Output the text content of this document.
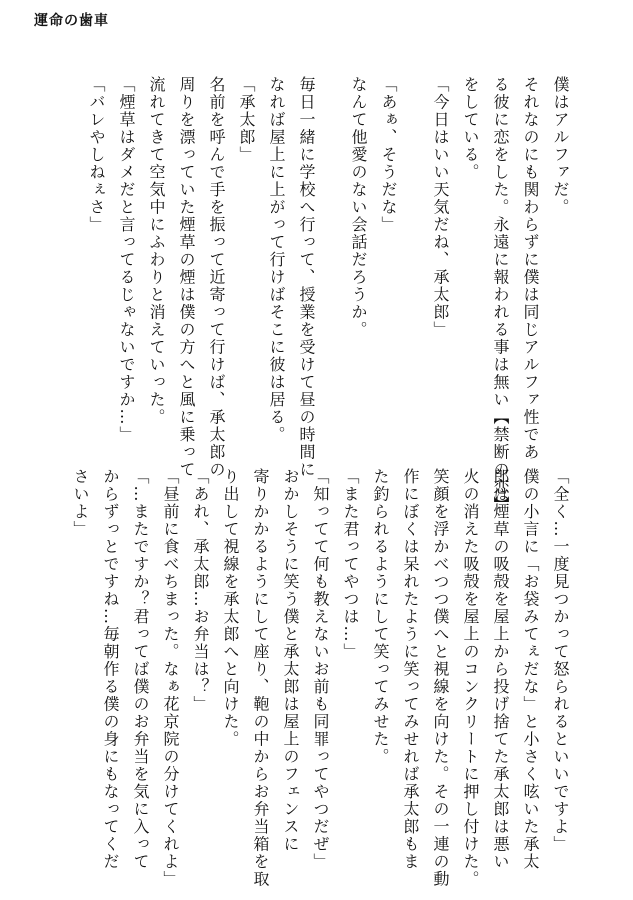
運命の歯車
僕はアルファだ。
それなのにも関わらずに僕は同じアルファ性であ
る彼に恋をした。永遠に報われる事は無い【禁断の恋】
をしている。
「今日はいい天気だね、承太郎」
「あぁ、そうだな」
なんて他愛のない会話だろうか。
毎日一緒に学校へ行って、授業を受けて昼の時間に
なれば屋上に上がって行けばそこに彼は居る。
「承太郎」
名前を呼んで手を振って近寄って行けば、承太郎の
周りを漂っていた煙草の煙は僕の方へと風に乗って
流れてきて空気中にふわりと消えていった。
「煙草はダメだと言ってるじゃないですか…」
「バレやしねぇさ」
「全く…一度見つかって怒られるといいですよ」
僕の小言に「お袋みてぇだな」と小さく呟いた承太
郎は煙草の吸殻を屋上から投げ捨てた承太郎は悪い
火の消えた吸殻を屋上のコンクリートに押し付けた。
笑顔を浮かべつつ僕へと視線を向けた。その一連の動
作にぼくは呆れたように笑ってみせれば承太郎もま
た釣られるようにして笑ってみせた。
「また君ってやつは…」
「知ってて何も教えないお前も同罪ってやつだぜ」
おかしそうに笑う僕と承太郎は屋上のフェンスに
寄りかかるようにして座り、鞄の中からお弁当箱を取
り出して視線を承太郎へと向けた。
「あれ、承太郎…お弁当は？」
「昼前に食べちまった。なぁ花京院の分けてくれよ」
「…またですか？君ってば僕のお弁当を気に入って
からずっとですね…毎朝作る僕の身にもなってくだ
さいよ」
